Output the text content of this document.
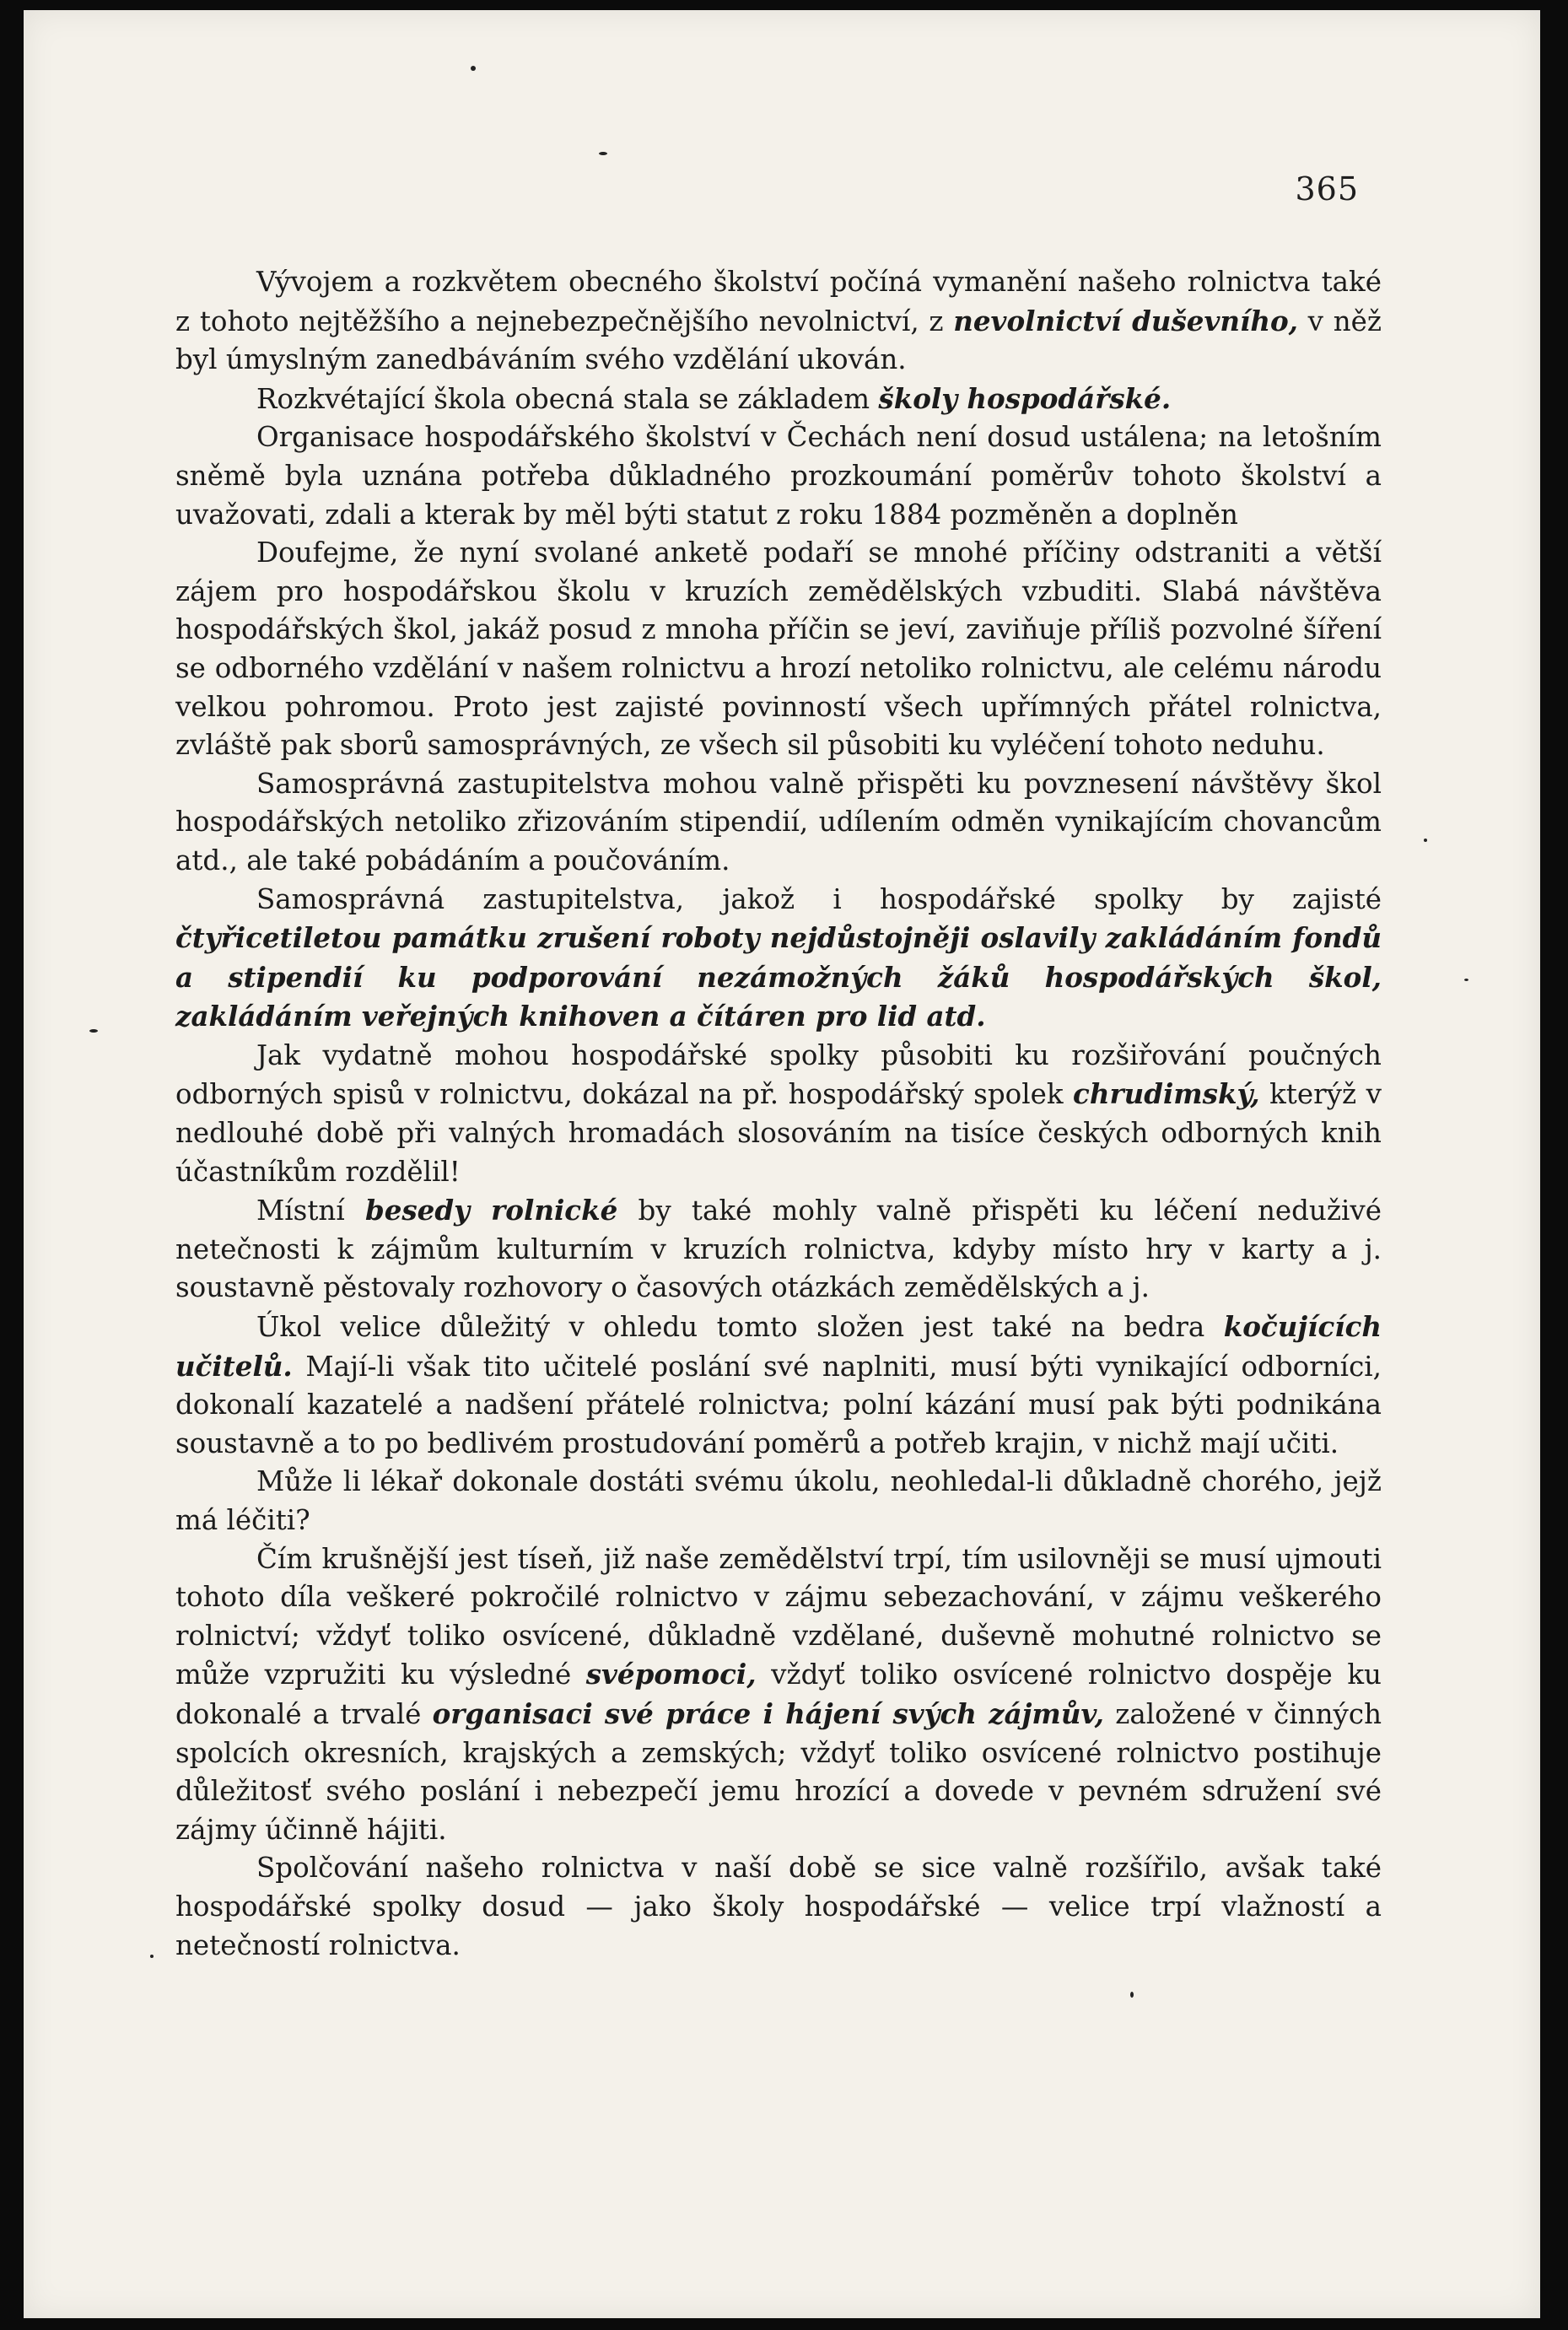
365

Vývojem a rozkvětem obecného školství počíná vymanění našeho rolnictva také z tohoto nejtěžšího a nejnebezpečnějšího nevolnictví, z nevolnictví duševního, v něž byl úmyslným zanedbáváním svého vzdělání ukován.

Rozkvétající škola obecná stala se základem školy hospodářské.

Organisace hospodářského školství v Čechách není dosud ustálena; na letošním sněmě byla uznána potřeba důkladného prozkoumání poměrův tohoto školství a uvažovati, zdali a kterak by měl býti statut z roku 1884 pozměněn a doplněn

Doufejme, že nyní svolané anketě podaří se mnohé příčiny odstraniti a větší zájem pro hospodářskou školu v kruzích zemědělských vzbuditi. Slabá návštěva hospodářských škol, jakáž posud z mnoha příčin se jeví, zaviňuje příliš pozvolné šíření se odborného vzdělání v našem rolnictvu a hrozí netoliko rolnictvu, ale celému národu velkou pohromou. Proto jest zajisté povinností všech upřímných přátel rolnictva, zvláště pak sborů samosprávných, ze všech sil působiti ku vyléčení tohoto neduhu.

Samosprávná zastupitelstva mohou valně přispěti ku povznesení návštěvy škol hospodářských netoliko zřizováním stipendií, udílením odměn vynikajícím chovancům atd., ale také pobádáním a poučováním.

Samosprávná zastupitelstva, jakož i hospodářské spolky by zajisté čtyřicetiletou památku zrušení roboty nejdůstojněji oslavily zakládáním fondů a stipendií ku podporování nezámožných žáků hospodářských škol, zakládáním veřejných knihoven a čítáren pro lid atd.

Jak vydatně mohou hospodářské spolky působiti ku rozšiřování poučných odborných spisů v rolnictvu, dokázal na př. hospodářský spolek chrudimský, kterýž v nedlouhé době při valných hromadách slosováním na tisíce českých odborných knih účastníkům rozdělil!

Místní besedy rolnické by také mohly valně přispěti ku léčení neduživé netečnosti k zájmům kulturním v kruzích rolnictva, kdyby místo hry v karty a j. soustavně pěstovaly rozhovory o časových otázkách zemědělských a j.

Úkol velice důležitý v ohledu tomto složen jest také na bedra kočujících učitelů. Mají-li však tito učitelé poslání své naplniti, musí býti vynikající odborníci, dokonalí kazatelé a nadšení přátelé rolnictva; polní kázání musí pak býti podnikána soustavně a to po bedlivém prostudování poměrů a potřeb krajin, v nichž mají učiti.

Může li lékař dokonale dostáti svému úkolu, neohledal-li důkladně chorého, jejž má léčiti?

Čím krušnější jest tíseň, již naše zemědělství trpí, tím usilovněji se musí ujmouti tohoto díla veškeré pokročilé rolnictvo v zájmu sebezachování, v zájmu veškerého rolnictví; vždyť toliko osvícené, důkladně vzdělané, duševně mohutné rolnictvo se může vzpružiti ku výsledné svépomoci, vždyť toliko osvícené rolnictvo dospěje ku dokonalé a trvalé organisaci své práce i hájení svých zájmův, založené v činných spolcích okresních, krajských a zemských; vždyť toliko osvícené rolnictvo postihuje důležitosť svého poslání i nebezpečí jemu hrozící a dovede v pevném sdružení své zájmy účinně hájiti.

Spolčování našeho rolnictva v naší době se sice valně rozšířilo, avšak také hospodářské spolky dosud — jako školy hospodářské — velice trpí vlažností a netečností rolnictva.
